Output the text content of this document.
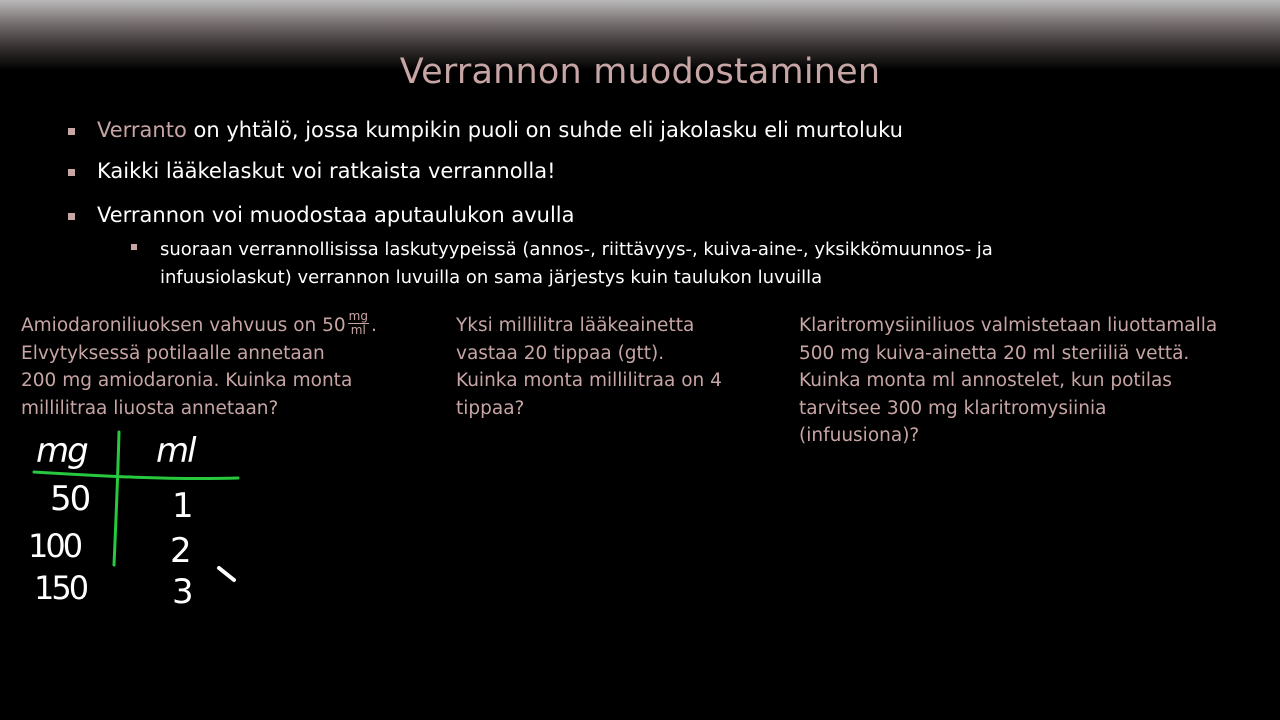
Verrannon muodostaminen
Verranto on yhtälö, jossa kumpikin puoli on suhde eli jakolasku eli murtoluku
Kaikki lääkelaskut voi ratkaista verrannolla!
Verrannon voi muodostaa aputaulukon avulla
suoraan verrannollisissa laskutyypeissä (annos-, riittävyys-, kuiva-aine-, yksikkömuunnos- ja
infuusiolaskut) verrannon luvuilla on sama järjestys kuin taulukon luvuilla
Amiodaroniliuoksen vahvuus on $50 \frac{mg}{ml}$ .
Elvytyksessä potilaalle annetaan
200 mg amiodaronia. Kuinka monta
millilitraa liuosta annetaan?
Yksi millilitra lääkeainetta
vastaa 20 tippaa (gtt).
Kuinka monta millilitraa on 4
tippaa?
Klaritromysiiniliuos valmistetaan liuottamalla
500 mg kuiva-ainetta 20 ml steriiliä vettä.
Kuinka monta ml annostelet, kun potilas
tarvitsee 300 mg klaritromysiinia
(infuusiona)?
mg ml
50 1
100	2
150	3
